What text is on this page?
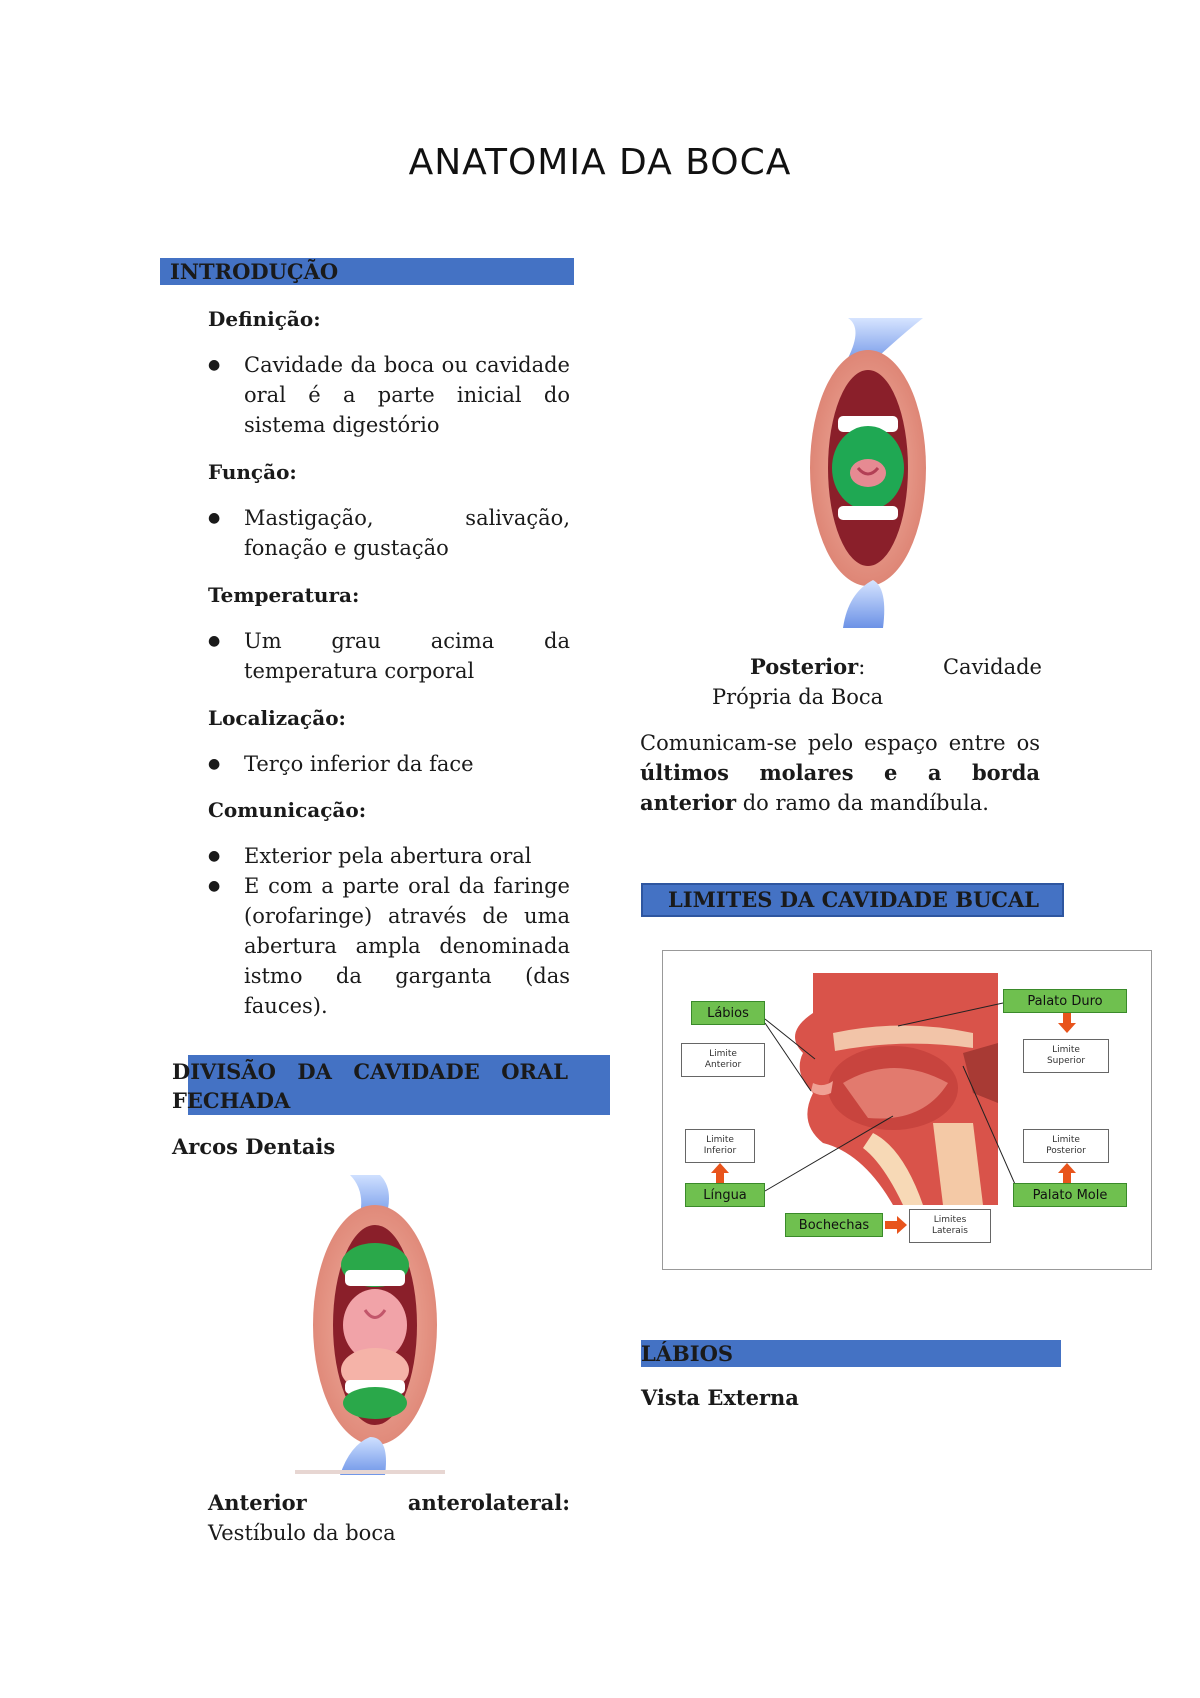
ANATOMIA DA BOCA
INTRODUÇÃO
Definição:
● Cavidade da boca ou cavidade oral é a parte inicial do sistema digestório
Função:
● Mastigação, salivação, fonação e gustação
Temperatura:
● Um grau acima da temperatura corporal
Localização:
● Terço inferior da face
Comunicação:
● Exterior pela abertura oral
● E com a parte oral da faringe (orofaringe) através de uma abertura ampla denominada istmo da garganta (das fauces).
DIVISÃO DA CAVIDADE ORAL FECHADA
Arcos Dentais
Anterior anterolateral: Vestíbulo da boca
Posterior: Cavidade Própria da Boca
Comunicam-se pelo espaço entre os últimos molares e a borda anterior do ramo da mandíbula.
LIMITES DA CAVIDADE BUCAL
Lábios
Limite Anterior
Limite Inferior
Língua
Bochechas	Limites Laterais
Palato Duro
Limite Superior
Limite Posterior
Palato Mole
LÁBIOS
Vista Externa
